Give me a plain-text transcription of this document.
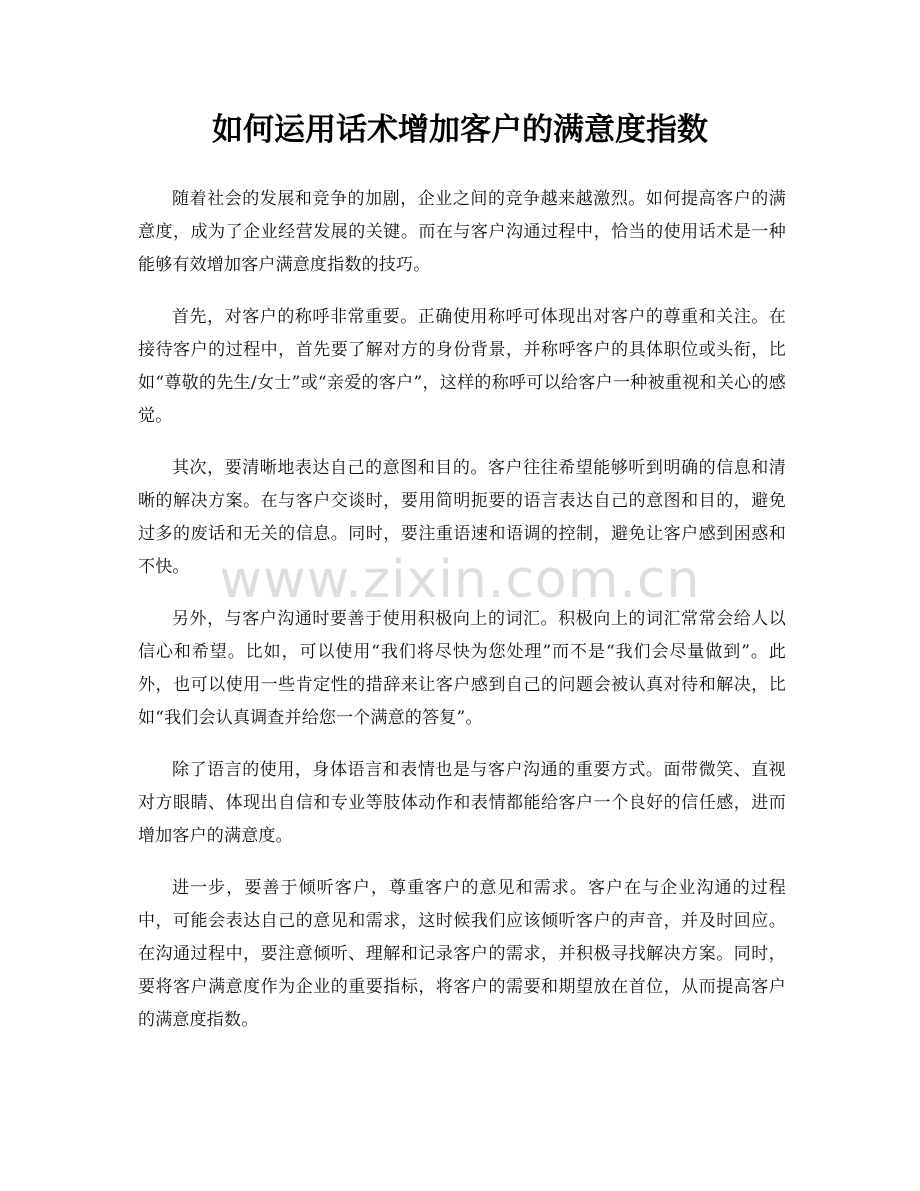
如何运用话术增加客户的满意度指数

随着社会的发展和竞争的加剧，企业之间的竞争越来越激烈。如何提高客户的满意度，成为了企业经营发展的关键。而在与客户沟通过程中，恰当的使用话术是一种能够有效增加客户满意度指数的技巧。

首先，对客户的称呼非常重要。正确使用称呼可体现出对客户的尊重和关注。在接待客户的过程中，首先要了解对方的身份背景，并称呼客户的具体职位或头衔，比如“尊敬的先生/女士”或“亲爱的客户”，这样的称呼可以给客户一种被重视和关心的感觉。

其次，要清晰地表达自己的意图和目的。客户往往希望能够听到明确的信息和清晰的解决方案。在与客户交谈时，要用简明扼要的语言表达自己的意图和目的，避免过多的废话和无关的信息。同时，要注重语速和语调的控制，避免让客户感到困惑和不快。

另外，与客户沟通时要善于使用积极向上的词汇。积极向上的词汇常常会给人以信心和希望。比如，可以使用“我们将尽快为您处理”而不是“我们会尽量做到”。此外，也可以使用一些肯定性的措辞来让客户感到自己的问题会被认真对待和解决，比如“我们会认真调查并给您一个满意的答复”。

除了语言的使用，身体语言和表情也是与客户沟通的重要方式。面带微笑、直视对方眼睛、体现出自信和专业等肢体动作和表情都能给客户一个良好的信任感，进而增加客户的满意度。

进一步，要善于倾听客户，尊重客户的意见和需求。客户在与企业沟通的过程中，可能会表达自己的意见和需求，这时候我们应该倾听客户的声音，并及时回应。在沟通过程中，要注意倾听、理解和记录客户的需求，并积极寻找解决方案。同时，要将客户满意度作为企业的重要指标，将客户的需要和期望放在首位，从而提高客户的满意度指数。

www.zixin.com.cn
